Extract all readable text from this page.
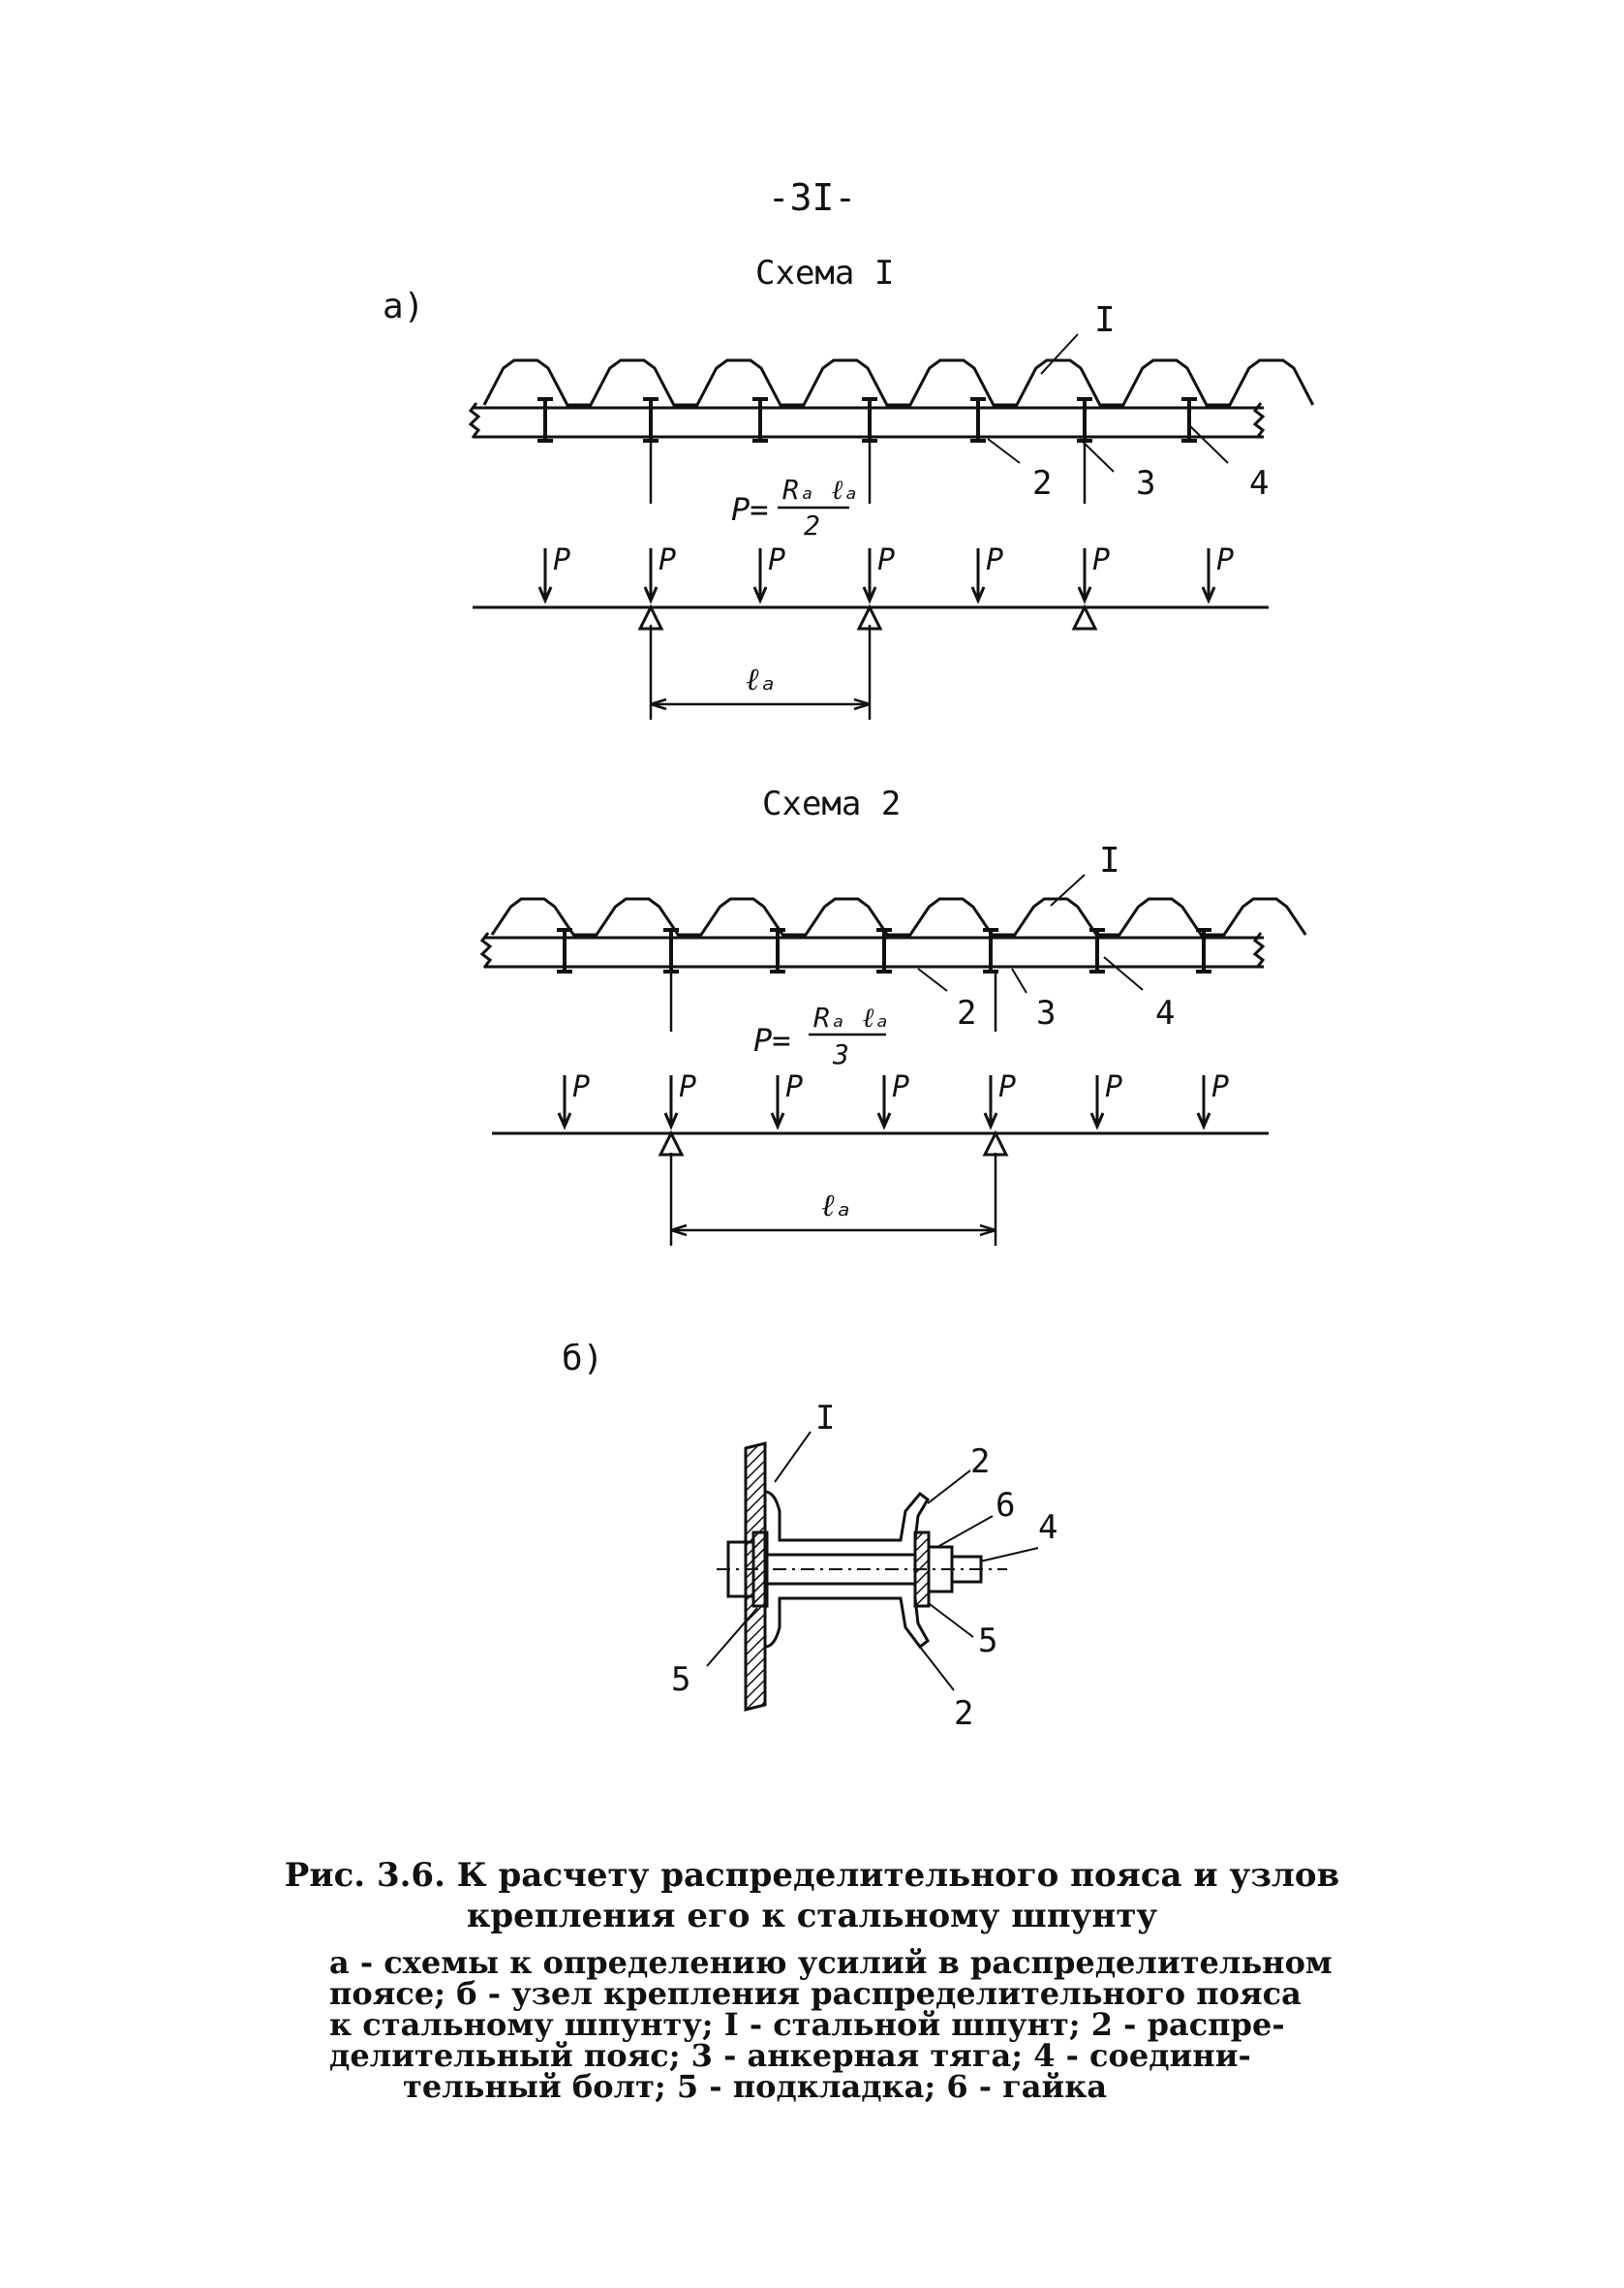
-3I-
Схема I
а)
Схема 2
б)
I
2	3	4
P=
Rₐ ℓₐ
2
P	P	P	P	P	P	P
ℓₐ
I
2 3	4
P=
Rₐ ℓₐ
3
P	P	P	P	P	P	P
ℓₐ
I
2
6
4
5
5
2
Рис. 3.6. К расчету распределительного пояса и узлов
крепления его к стальному шпунту
а - схемы к определению усилий в распределительном
поясе; б - узел крепления распределительного пояса
к стальному шпунту; I - стальной шпунт; 2 - распре-
делительный пояс; 3 - анкерная тяга; 4 - соедини-
тельный болт; 5 - подкладка; 6 - гайка
